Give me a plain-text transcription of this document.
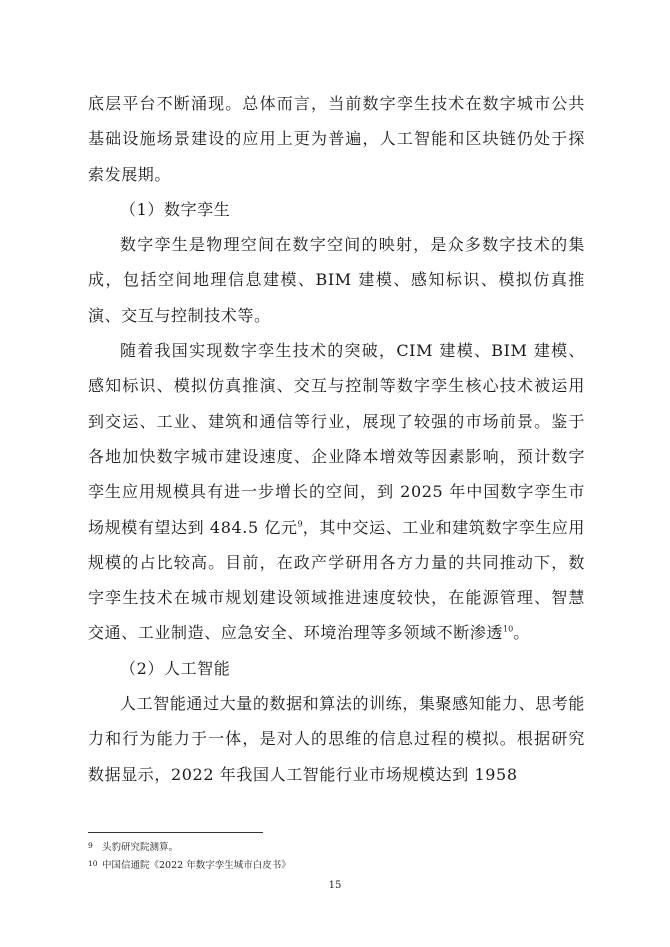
底层平台不断涌现。总体而言，当前数字孪生技术在数字城市公共基础设施场景建设的应用上更为普遍，人工智能和区块链仍处于探索发展期。

（1）数字孪生

数字孪生是物理空间在数字空间的映射，是众多数字技术的集成，包括空间地理信息建模、BIM 建模、感知标识、模拟仿真推演、交互与控制技术等。

随着我国实现数字孪生技术的突破，CIM 建模、BIM 建模、感知标识、模拟仿真推演、交互与控制等数字孪生核心技术被运用到交运、工业、建筑和通信等行业，展现了较强的市场前景。鉴于各地加快数字城市建设速度、企业降本增效等因素影响，预计数字孪生应用规模具有进一步增长的空间，到 2025 年中国数字孪生市场规模有望达到 484.5 亿元$^9$，其中交运、工业和建筑数字孪生应用规模的占比较高。目前，在政产学研用各方力量的共同推动下，数字孪生技术在城市规划建设领域推进速度较快，在能源管理、智慧交通、工业制造、应急安全、环境治理等多领域不断渗透$^{10}$。

（2）人工智能

人工智能通过大量的数据和算法的训练，集聚感知能力、思考能力和行为能力于一体，是对人的思维的信息过程的模拟。根据研究数据显示，2022 年我国人工智能行业市场规模达到 1958

9 头豹研究院测算。

10 中国信通院《2022 年数字孪生城市白皮书》

15
